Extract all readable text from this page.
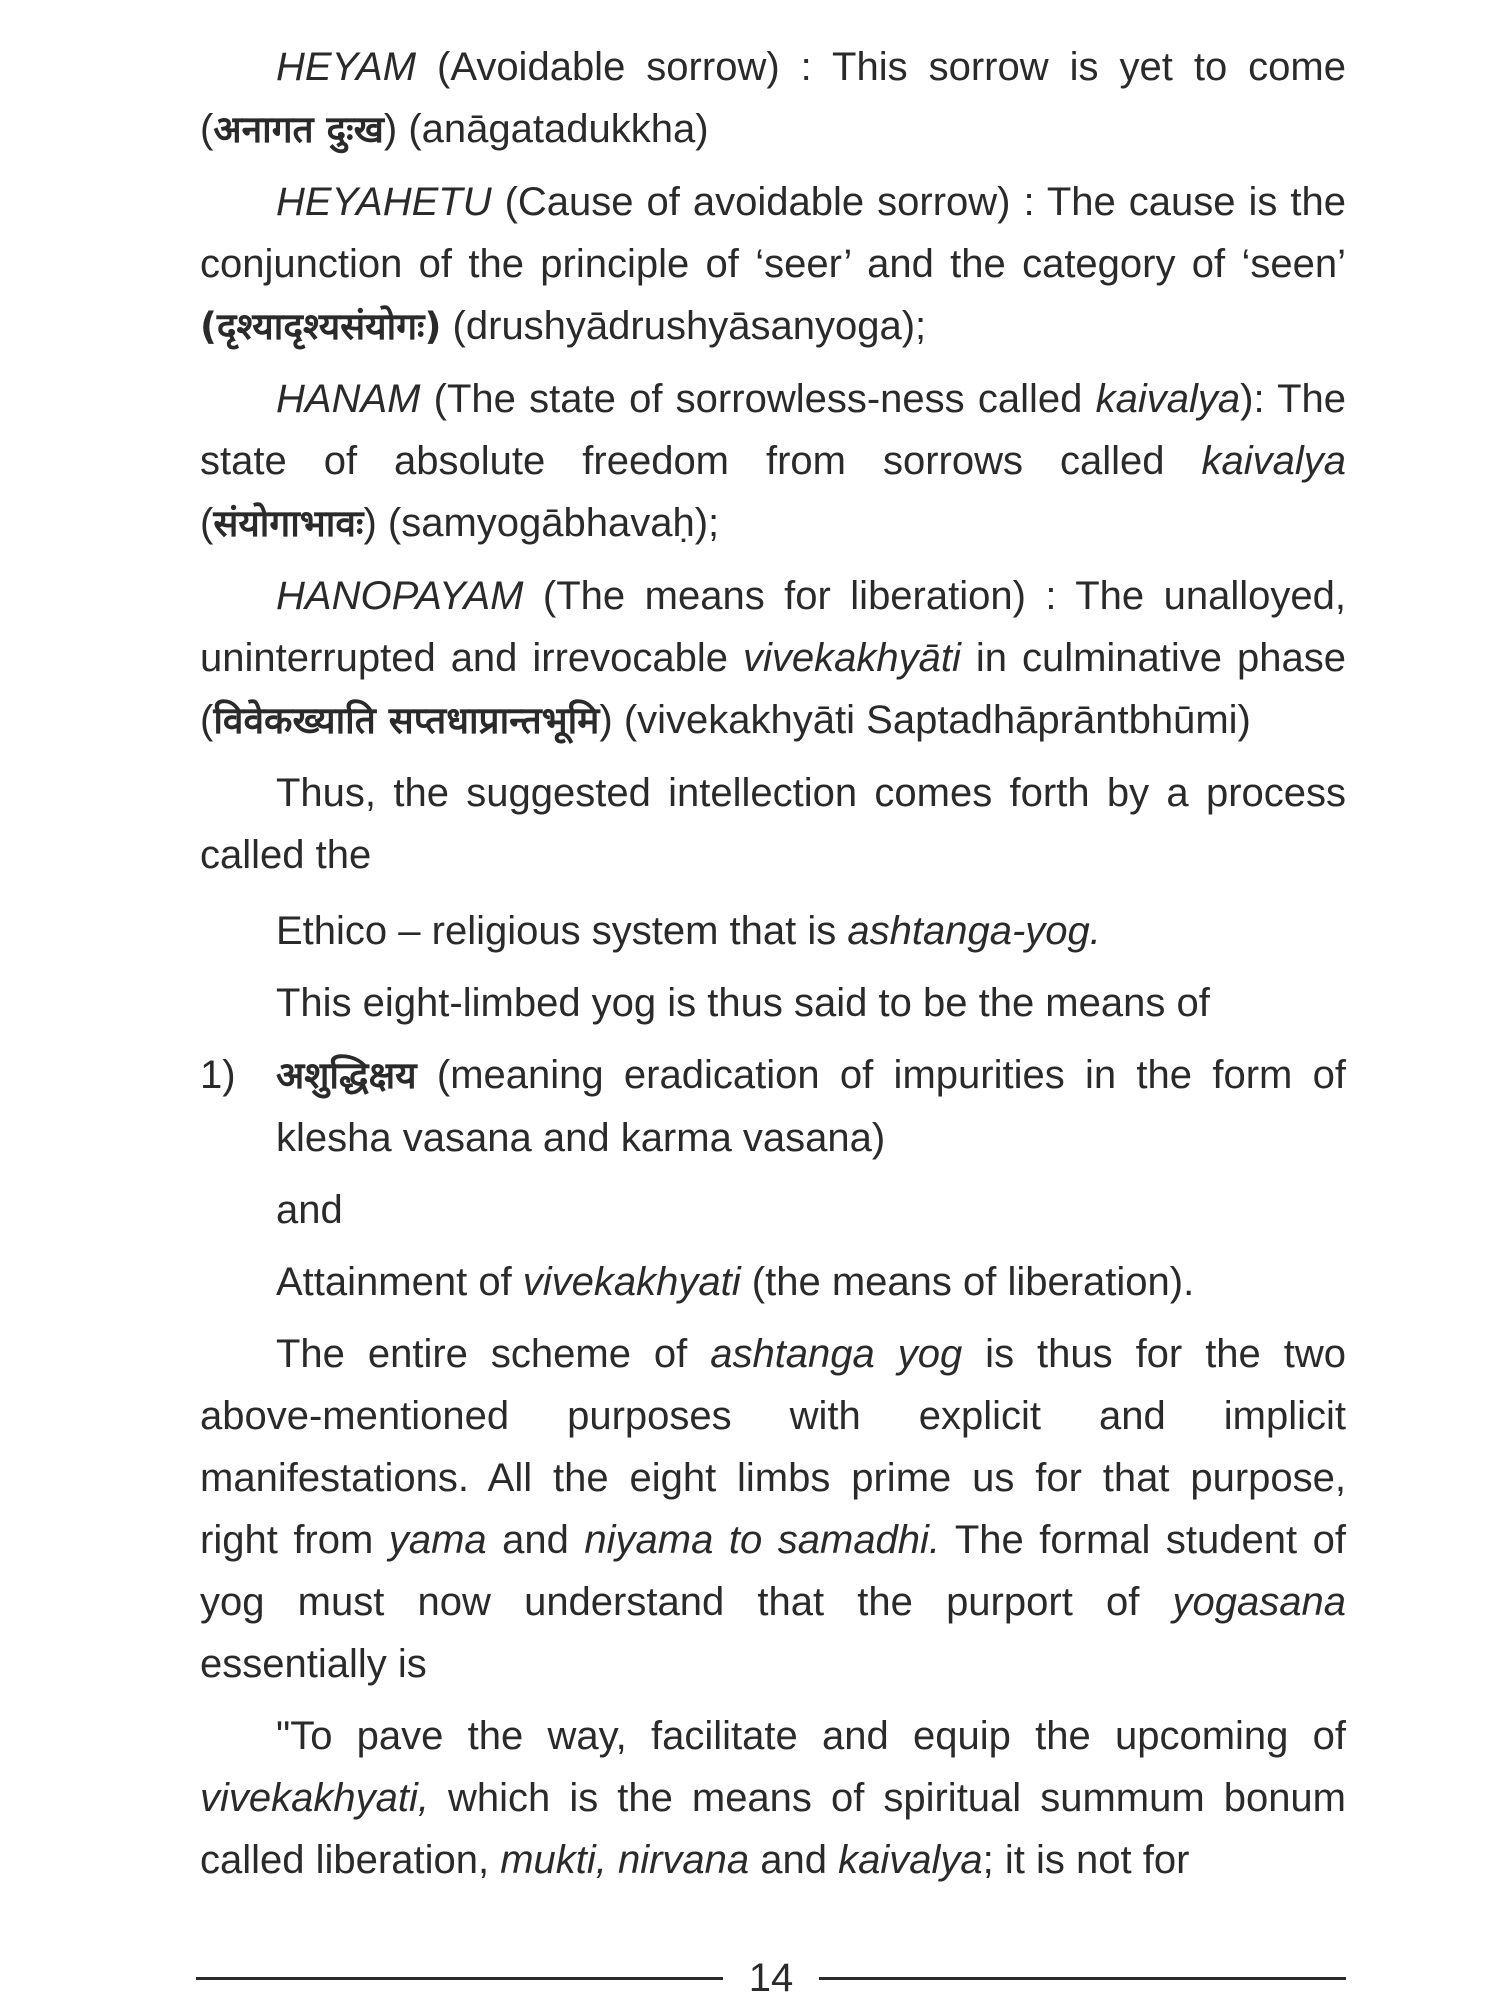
HEYAM (Avoidable sorrow) : This sorrow is yet to come (अनागत दुःख) (anāgatadukkha)

HEYAHETU (Cause of avoidable sorrow) : The cause is the conjunction of the principle of ‘seer’ and the category of ‘seen’ (दृश्यादृश्यसंयोगः) (drushyādrushyāsanyoga);

HANAM (The state of sorrowless-ness called kaivalya): The state of absolute freedom from sorrows called kaivalya (संयोगाभावः) (samyogābhavaḥ);

HANOPAYAM (The means for liberation) : The unalloyed, uninterrupted and irrevocable vivekakhyāti in culminative phase (विवेकख्याति सप्तधाप्रान्तभूमि) (vivekakhyāti Saptadhāprāntbhūmi)

Thus, the suggested intellection comes forth by a process called the

Ethico – religious system that is ashtanga-yog.

This eight-limbed yog is thus said to be the means of

1) अशुद्धिक्षय (meaning eradication of impurities in the form of klesha vasana and karma vasana)

and

Attainment of vivekakhyati (the means of liberation).

The entire scheme of ashtanga yog is thus for the two above-mentioned purposes with explicit and implicit manifestations. All the eight limbs prime us for that purpose, right from yama and niyama to samadhi. The formal student of yog must now understand that the purport of yogasana essentially is

"To pave the way, facilitate and equip the upcoming of vivekakhyati, which is the means of spiritual summum bonum called liberation, mukti, nirvana and kaivalya; it is not for

14
